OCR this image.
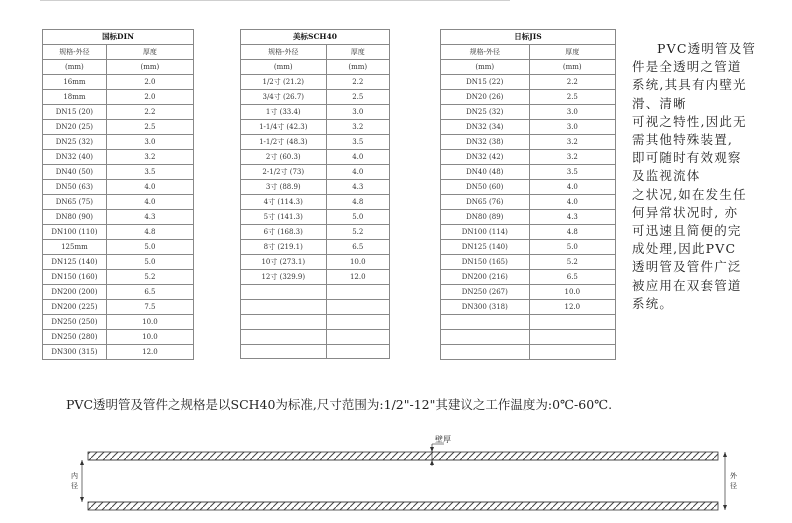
国标DIN	
规格-外径	厚度
(mm)	(mm)
16mm	2.0
18mm	2.0
DN15 (20)	2.2
DN20 (25)	2.5
DN25 (32)	3.0
DN32 (40)	3.2
DN40 (50)	3.5
DN50 (63)	4.0
DN65 (75)	4.0
DN80 (90)	4.3
DN100 (110)	4.8
125mm	5.0
DN125 (140)	5.0
DN150 (160)	5.2
DN200 (200)	6.5
DN200 (225)	7.5
DN250 (250)	10.0
DN250 (280)	10.0
DN300 (315)	12.0
美标SCH40	
规格-外径	厚度
(mm)	(mm)
1/2寸 (21.2)	2.2
3/4寸 (26.7)	2.5
1寸 (33.4)	3.0
1-1/4寸 (42.3)	3.2
1-1/2寸 (48.3)	3.5
2寸 (60.3)	4.0
2-1/2寸 (73)	4.0
3寸 (88.9)	4.3
4寸 (114.3)	4.8
5寸 (141.3)	5.0
6寸 (168.3)	5.2
8寸 (219.1)	6.5
10寸 (273.1)	10.0
12寸 (329.9)	12.0

日标JIS	
规格-外径	厚度
(mm)	(mm)
DN15 (22)	2.2
DN20 (26)	2.5
DN25 (32)	3.0
DN32 (34)	3.0
DN32 (38)	3.2
DN32 (42)	3.2
DN40 (48)	3.5
DN50 (60)	4.0
DN65 (76)	4.0
DN80 (89)	4.3
DN100 (114)	4.8
DN125 (140)	5.0
DN150 (165)	5.2
DN200 (216)	6.5
DN250 (267)	10.0
DN300 (318)	12.0

PVC透明管及管

件是全透明之管道

系统,其具有内壁光

滑、清晰

可视之特性,因此无

需其他特殊装置,

即可随时有效观察

及监视流体

之状况,如在发生任

何异常状况时, 亦

可迅速且简便的完

成处理,因此PVC

透明管及管件广泛

被应用在双套管道

系统。

PVC透明管及管件之规格是以SCH40为标准,尺寸范围为:1/2"-12"其建议之工作温度为:0℃-60℃.
壁厚
内
径
外
径
